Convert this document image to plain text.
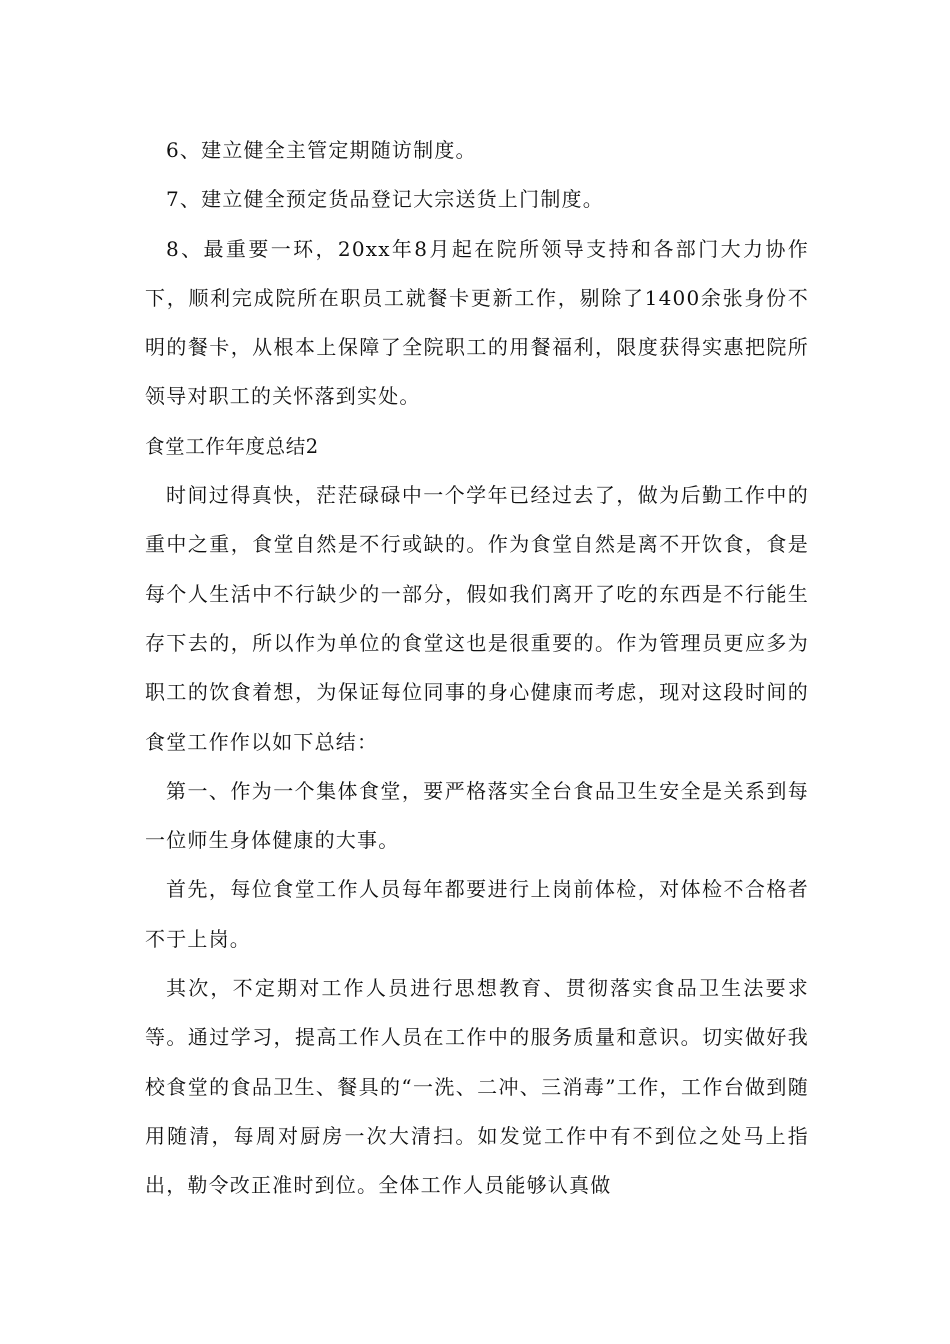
6、建立健全主管定期随访制度。

7、建立健全预定货品登记大宗送货上门制度。

8、最重要一环，20xx年8月起在院所领导支持和各部门大力协作下，顺利完成院所在职员工就餐卡更新工作，剔除了1400余张身份不明的餐卡，从根本上保障了全院职工的用餐福利，限度获得实惠把院所领导对职工的关怀落到实处。

食堂工作年度总结2

时间过得真快，茫茫碌碌中一个学年已经过去了，做为后勤工作中的重中之重，食堂自然是不行或缺的。作为食堂自然是离不开饮食，食是每个人生活中不行缺少的一部分，假如我们离开了吃的东西是不行能生存下去的，所以作为单位的食堂这也是很重要的。作为管理员更应多为职工的饮食着想，为保证每位同事的身心健康而考虑，现对这段时间的食堂工作作以如下总结：

第一、作为一个集体食堂，要严格落实全台食品卫生安全是关系到每一位师生身体健康的大事。

首先，每位食堂工作人员每年都要进行上岗前体检，对体检不合格者不于上岗。

其次，不定期对工作人员进行思想教育、贯彻落实食品卫生法要求等。通过学习，提高工作人员在工作中的服务质量和意识。切实做好我校食堂的食品卫生、餐具的“一洗、二冲、三消毒”工作，工作台做到随用随清，每周对厨房一次大清扫。如发觉工作中有不到位之处马上指出，勒令改正准时到位。全体工作人员能够认真做
